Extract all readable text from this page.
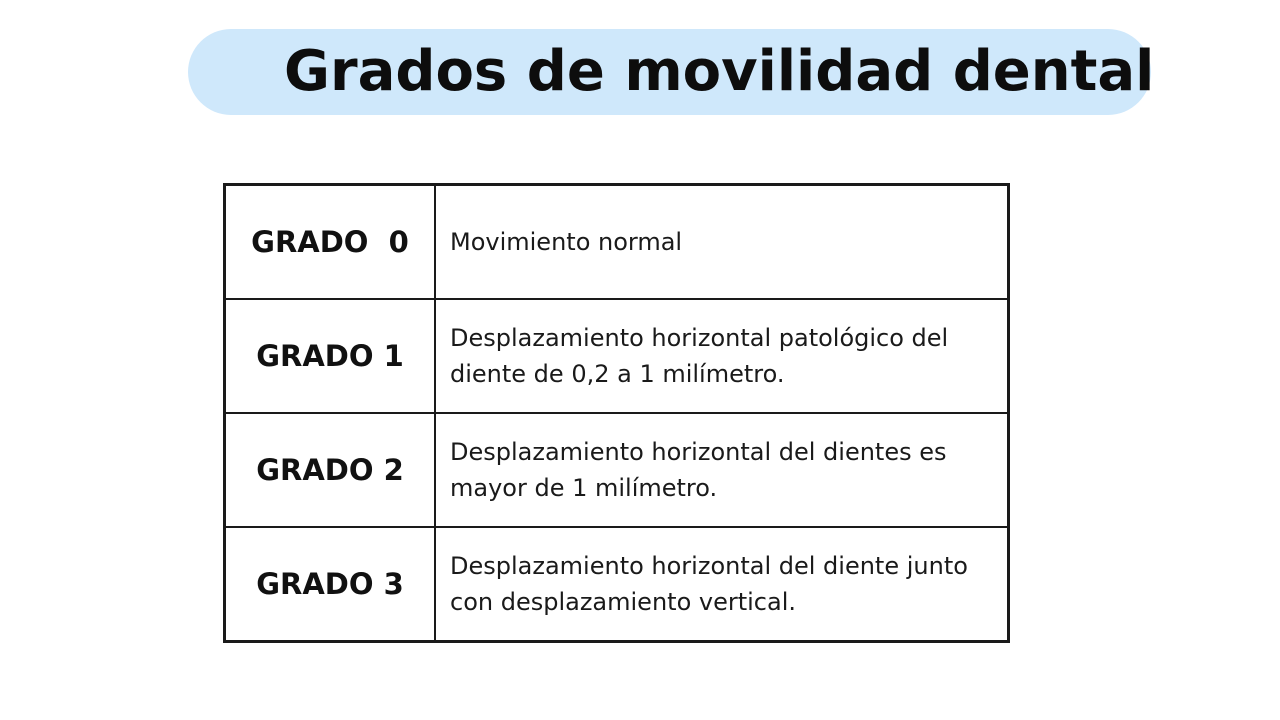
Grados de movilidad dental
GRADO  0	Movimiento normal
GRADO 1	Desplazamiento horizontal patológico del diente de 0,2 a 1 milímetro.
GRADO 2	Desplazamiento horizontal del dientes es mayor de 1 milímetro.
GRADO 3	Desplazamiento horizontal del diente junto con desplazamiento vertical.
